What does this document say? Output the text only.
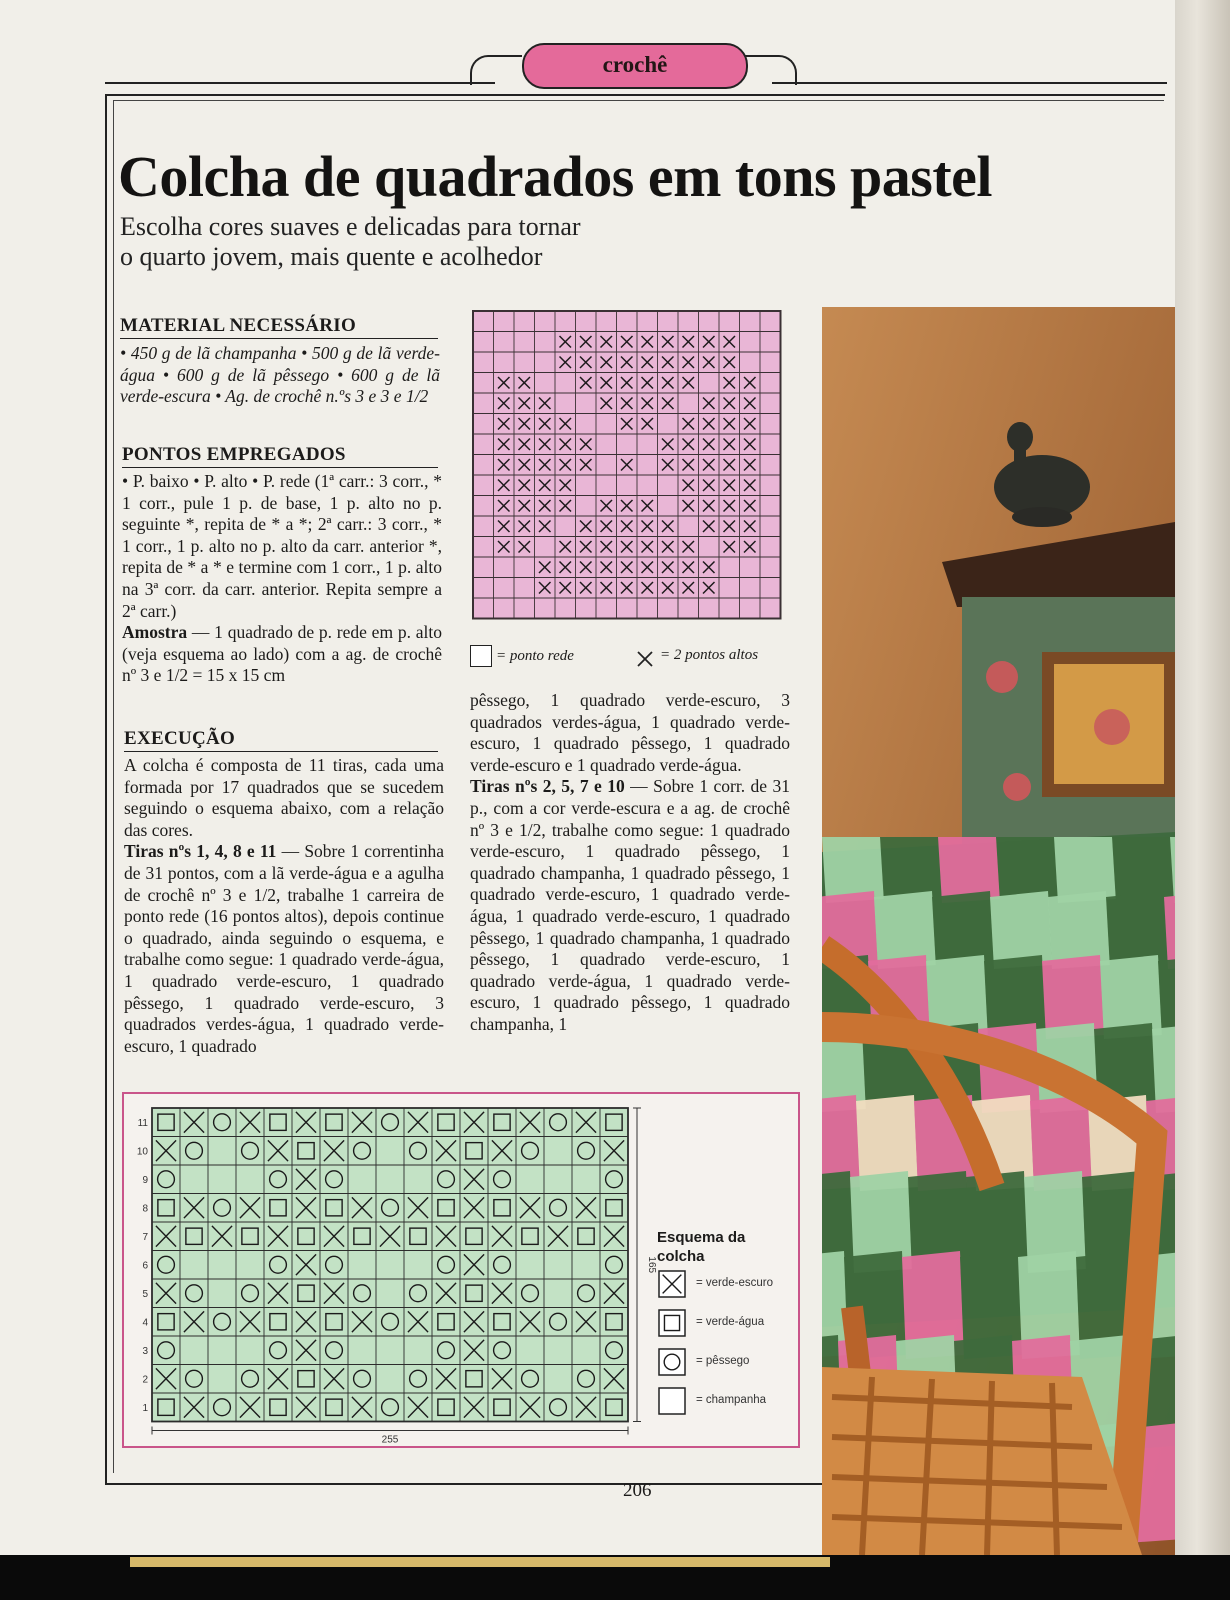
crochê
Colcha de quadrados em tons pastel
Escolha cores suaves e delicadas para tornar
o quarto jovem, mais quente e acolhedor
MATERIAL NECESSÁRIO
• 450 g de lã champanha • 500 g de lã verde-água • 600 g de lã pêssego • 600 g de lã verde-escura • Ag. de crochê n.ºs 3 e 3 e 1/2
PONTOS EMPREGADOS
• P. baixo • P. alto • P. rede (1ª carr.: 3 corr., * 1 corr., pule 1 p. de base, 1 p. alto no p. seguinte *, repita de * a *; 2ª carr.: 3 corr., * 1 corr., 1 p. alto no p. alto da carr. anterior *, repita de * a * e termine com 1 corr., 1 p. alto na 3ª corr. da carr. anterior. Repita sempre a 2ª carr.)
Amostra — 1 quadrado de p. rede em p. alto (veja esquema ao lado) com a ag. de crochê nº 3 e 1/2 = 15 x 15 cm
EXECUÇÃO
A colcha é composta de 11 tiras, cada uma formada por 17 quadrados que se sucedem seguindo o esquema abaixo, com a relação das cores.
Tiras nºs 1, 4, 8 e 11 — Sobre 1 correntinha de 31 pontos, com a lã verde-água e a agulha de crochê nº 3 e 1/2, trabalhe 1 carreira de ponto rede (16 pontos altos), depois continue o quadrado, ainda seguindo o esquema, e trabalhe como segue: 1 quadrado verde-água, 1 quadrado verde-escuro, 1 quadrado pêssego, 1 quadrado verde-escuro, 3 quadrados verdes-água, 1 quadrado verde-escuro, 1 quadrado
= ponto rede	= 2 pontos altos
pêssego, 1 quadrado verde-escuro, 3 quadrados verdes-água, 1 quadrado verde-escuro, 1 quadrado pêssego, 1 quadrado verde-escuro e 1 quadrado verde-água.
Tiras nºs 2, 5, 7 e 10 — Sobre 1 corr. de 31 p., com a cor verde-escura e a ag. de crochê nº 3 e 1/2, trabalhe como segue: 1 quadrado verde-escuro, 1 quadrado pêssego, 1 quadrado champanha, 1 quadrado pêssego, 1 quadrado verde-escuro, 1 quadrado verde-água, 1 quadrado verde-escuro, 1 quadrado pêssego, 1 quadrado champanha, 1 quadrado pêssego, 1 quadrado verde-escuro, 1 quadrado verde-água, 1 quadrado verde-escuro, 1 quadrado pêssego, 1 quadrado champanha, 1
11
10
9
8
7
6
5
4
3
2
1
165
255
Esquema da
colcha
= verde-escuro
= verde-água
= pêssego
= champanha
206
